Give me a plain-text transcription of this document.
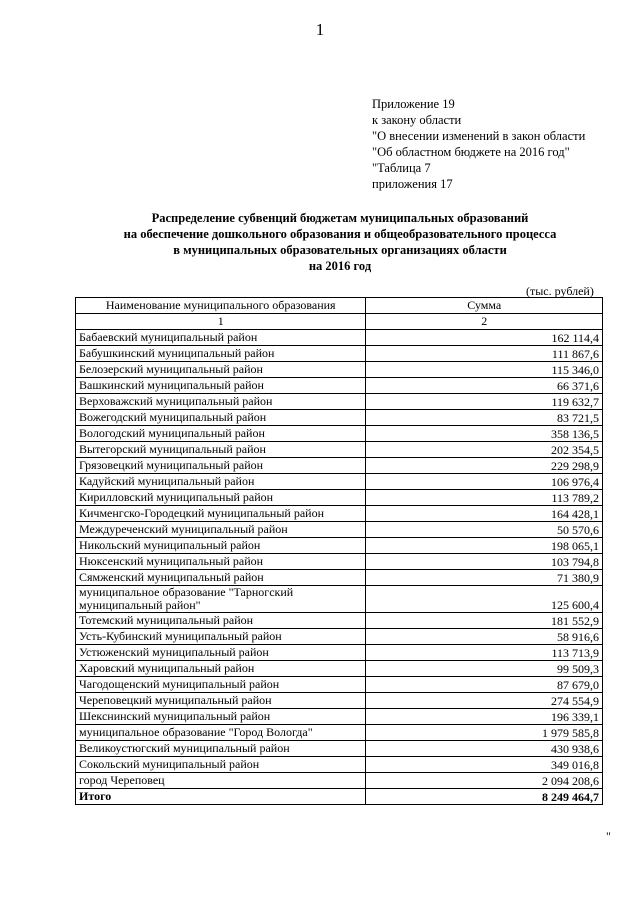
1
Приложение 19
к закону области
"О внесении изменений в закон области
"Об областном бюджете на 2016 год"
"Таблица 7
приложения 17
Распределение субвенций бюджетам муниципальных образований
на обеспечение дошкольного образования и общеобразовательного процесса
в муниципальных образовательных организациях области
на 2016 год
(тыс. рублей)
Наименование муниципального образования	Сумма
1	2
Бабаевский муниципальный район	162 114,4
Бабушкинский муниципальный район	111 867,6
Белозерский муниципальный район	115 346,0
Вашкинский муниципальный район	66 371,6
Верховажский муниципальный район	119 632,7
Вожегодский муниципальный район	83 721,5
Вологодский муниципальный район	358 136,5
Вытегорский муниципальный район	202 354,5
Грязовецкий муниципальный район	229 298,9
Кадуйский муниципальный район	106 976,4
Кирилловский муниципальный район	113 789,2
Кичменгско-Городецкий муниципальный район	164 428,1
Междуреченский муниципальный район	50 570,6
Никольский муниципальный район	198 065,1
Нюксенский муниципальный район	103 794,8
Сямженский муниципальный район	71 380,9
муниципальное образование "Тарногский муниципальный район"	125 600,4
Тотемский муниципальный район	181 552,9
Усть-Кубинский муниципальный район	58 916,6
Устюженский муниципальный район	113 713,9
Харовский муниципальный район	99 509,3
Чагодощенский муниципальный район	87 679,0
Череповецкий муниципальный район	274 554,9
Шекснинский муниципальный район	196 339,1
муниципальное образование "Город Вологда"	1 979 585,8
Великоустюгский муниципальный район	430 938,6
Сокольский муниципальный район	349 016,8
город Череповец	2 094 208,6
Итого	8 249 464,7
"
